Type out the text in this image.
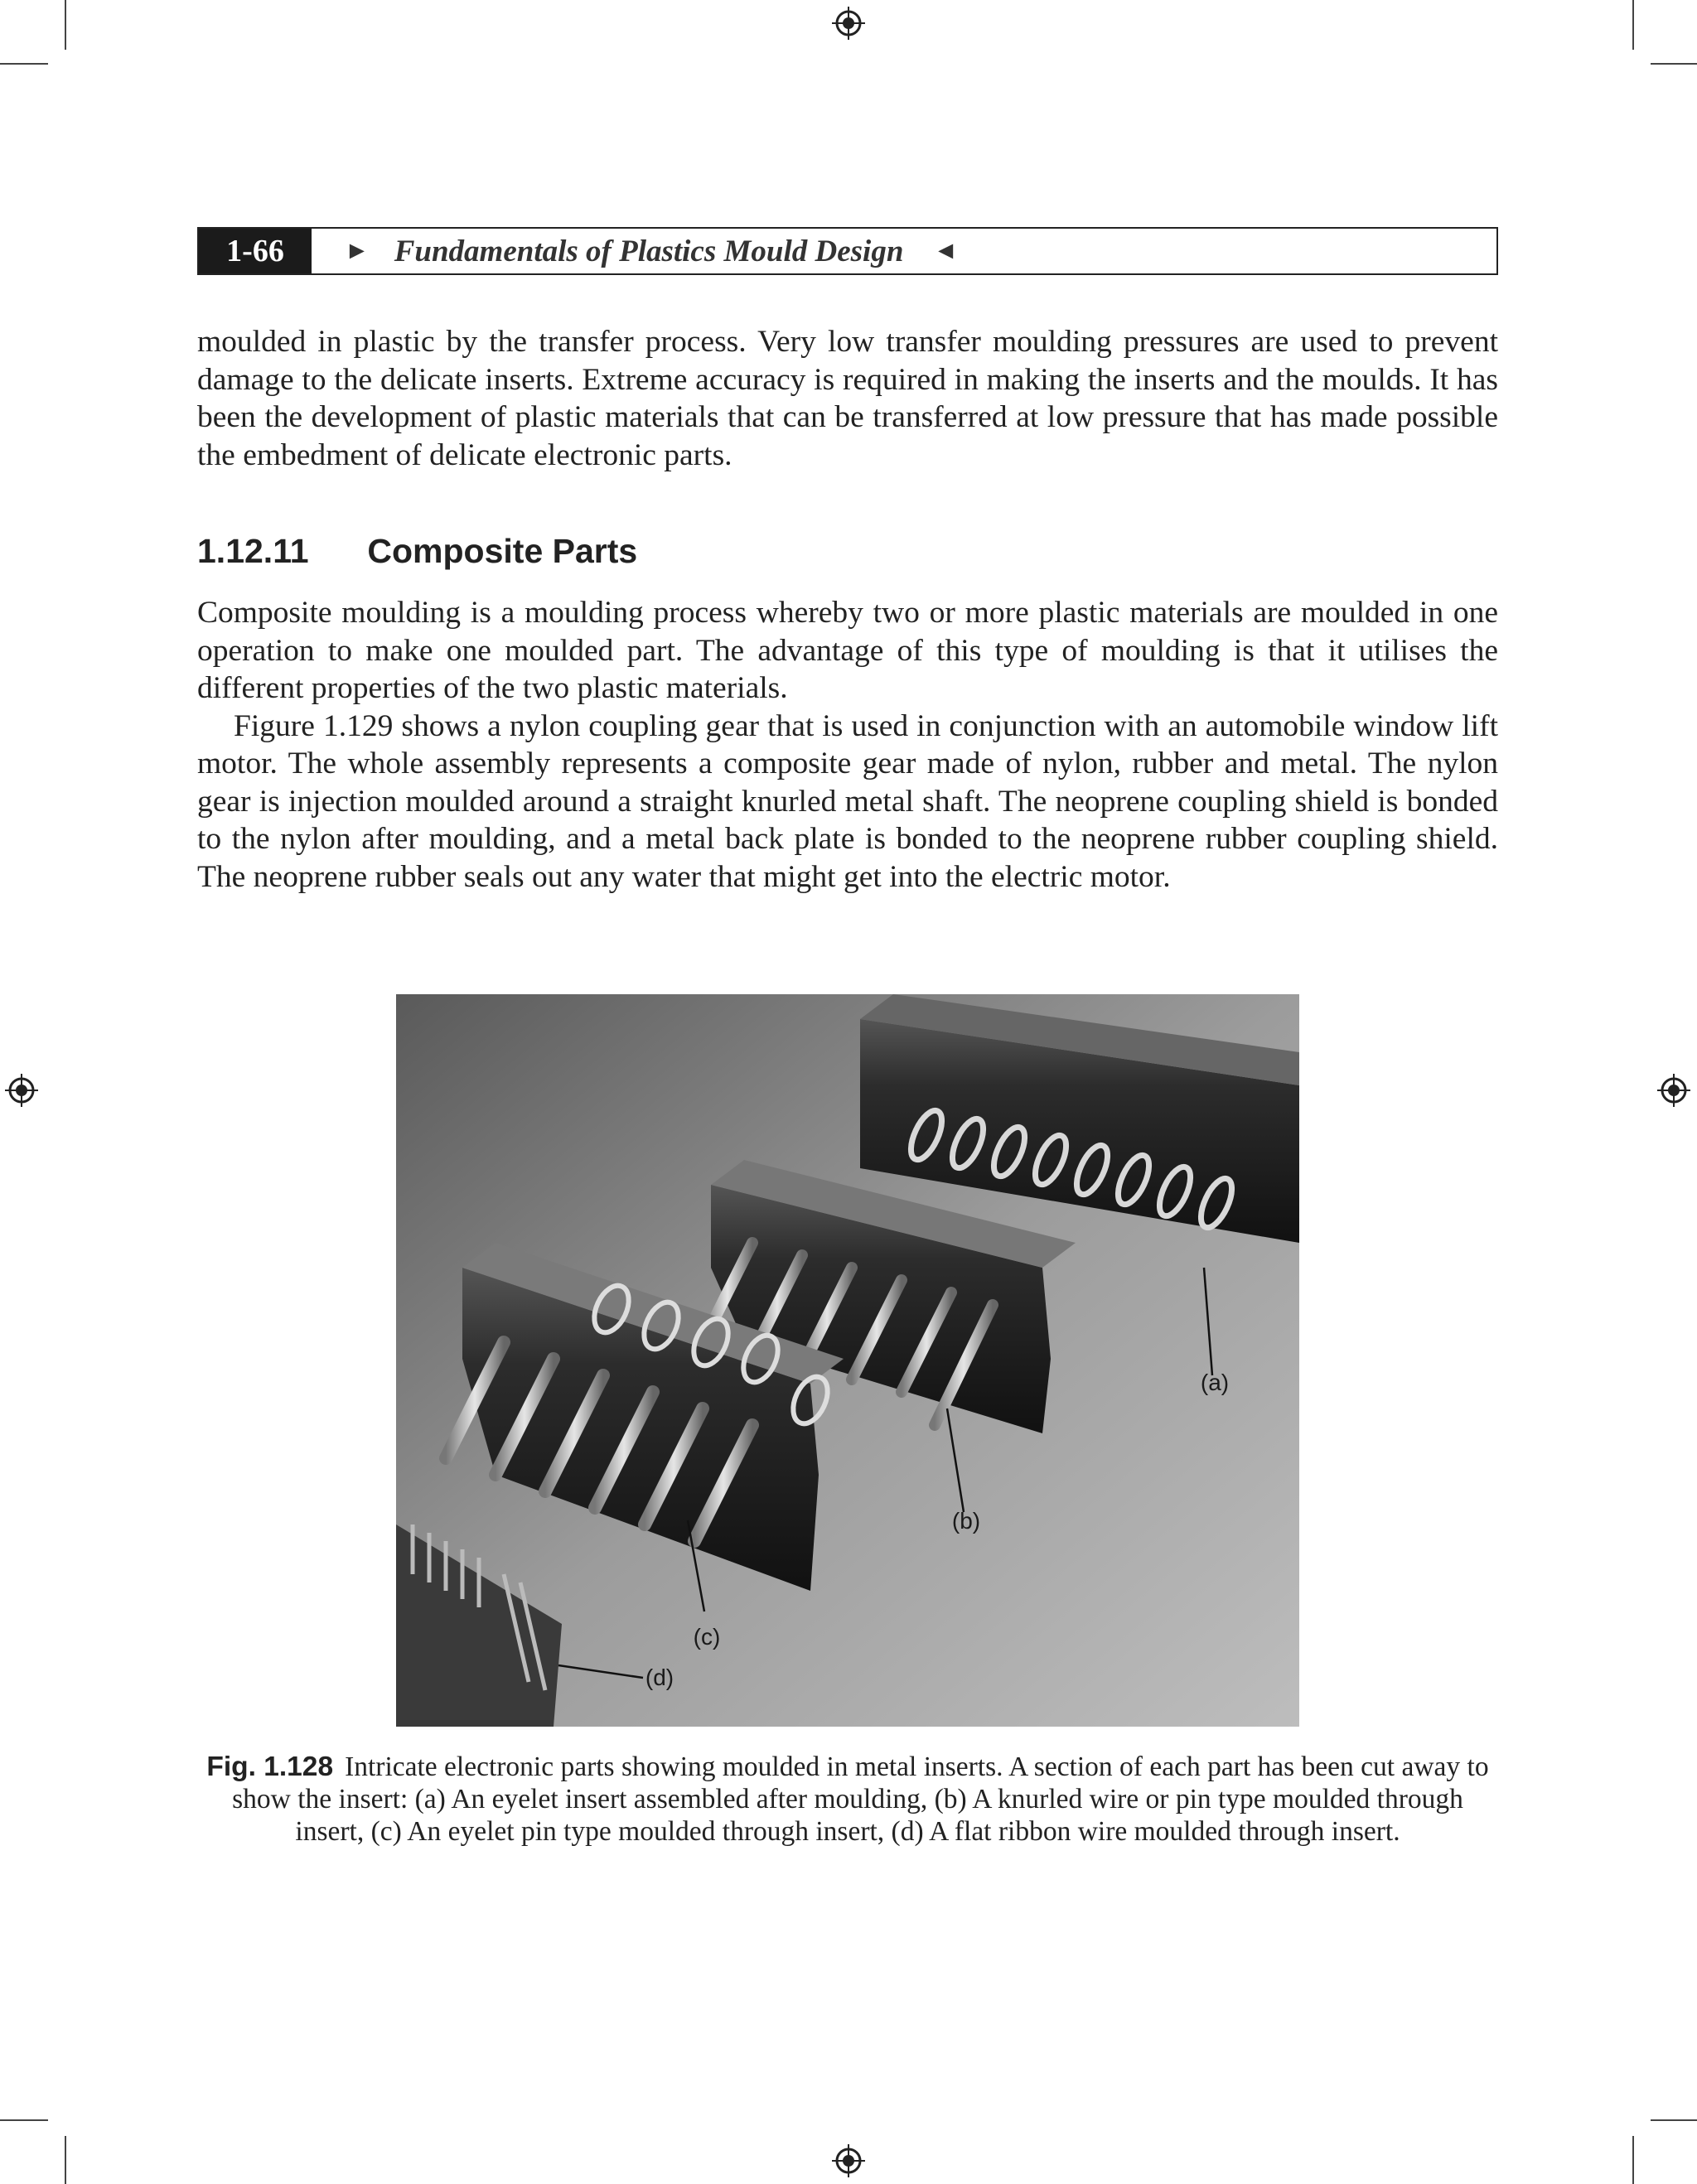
1-66	► Fundamentals of Plastics Mould Design ◄

moulded in plastic by the transfer process. Very low transfer moulding pressures are used to prevent damage to the delicate inserts. Extreme accuracy is required in making the inserts and the moulds. It has been the development of plastic materials that can be transferred at low pressure that has made possible the embedment of delicate electronic parts.

1.12.11 Composite Parts

Composite moulding is a moulding process whereby two or more plastic materials are moulded in one operation to make one moulded part. The advantage of this type of moulding is that it utilises the different properties of the two plastic materials.

Figure 1.129 shows a nylon coupling gear that is used in conjunction with an automobile window lift motor. The whole assembly represents a composite gear made of nylon, rubber and metal. The nylon gear is injection moulded around a straight knurled metal shaft. The neoprene coupling shield is bonded to the nylon after moulding, and a metal back plate is bonded to the neoprene rubber coupling shield. The neoprene rubber seals out any water that might get into the electric motor.

(a)
(b)
(c)
(d)
Fig. 1.128 Intricate electronic parts showing moulded in metal inserts. A section of each part has been cut away to show the insert: (a) An eyelet insert assembled after moulding, (b) A knurled wire or pin type moulded through insert, (c) An eyelet pin type moulded through insert, (d) A flat ribbon wire moulded through insert.
